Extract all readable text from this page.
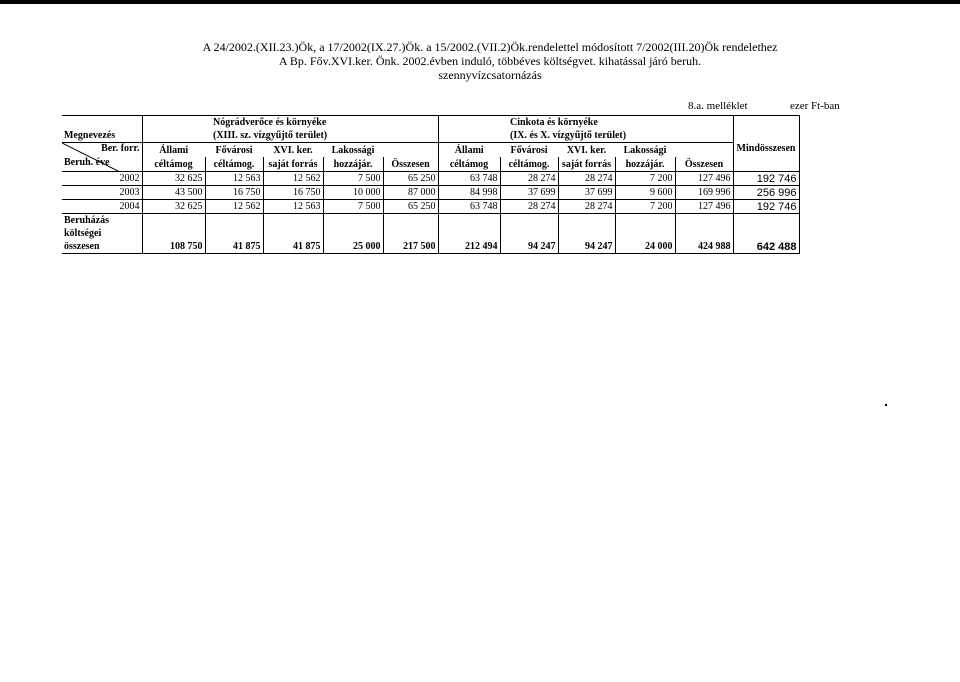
A 24/2002.(XII.23.)Ök, a 17/2002(IX.27.)Ök. a 15/2002.(VII.2)Ök.rendelettel módosított 7/2002(III.20)Ök rendelethez
A Bp. Főv.XVI.ker. Önk. 2002.évben induló, többéves költségvet. kihatással járó beruh.
szennyvízcsatornázás
8.a. melléklet	ezer Ft-ban
		Nógrádverőce és környéke					Cinkota és környéke				
Megnevezés		(XIII. sz. vízgyűjtő terület)					(IX. és X. vízgyűjtő terület)				

Ber. forr.
Beruh. éve	Állami	Fővárosi	XVI. ker.	Lakossági		Állami	Fővárosi	XVI. ker.	Lakossági		Mindösszesen
	céltámog	céltámog.	saját forrás	hozzájár.	Összesen	céltámog	céltámog.	saját forrás	hozzájár.	Összesen	
2002	32 625	12 563	12 562	7 500	65 250	63 748	28 274	28 274	7 200	127 496	192 746
2003	43 500	16 750	16 750	10 000	87 000	84 998	37 699	37 699	9 600	169 996	256 996
2004	32 625	12 562	12 563	7 500	65 250	63 748	28 274	28 274	7 200	127 496	192 746
Beruházás											
költségei											
összesen	108 750	41 875	41 875	25 000	217 500	212 494	94 247	94 247	24 000	424 988	642 488
